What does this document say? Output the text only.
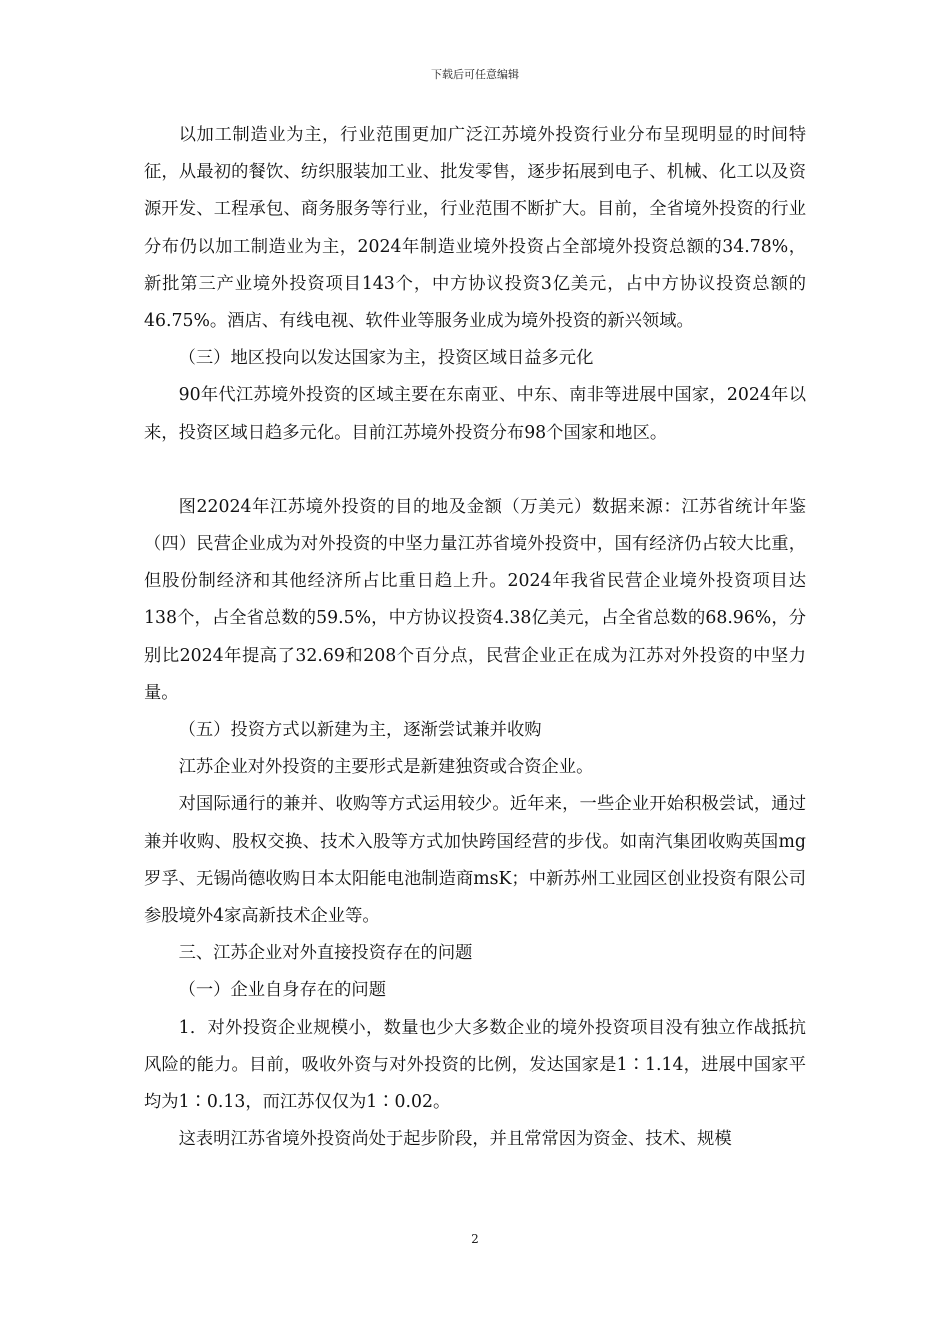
下载后可任意编辑

以加工制造业为主，行业范围更加广泛江苏境外投资行业分布呈现明显的时间特征，从最初的餐饮、纺织服装加工业、批发零售，逐步拓展到电子、机械、化工以及资源开发、工程承包、商务服务等行业，行业范围不断扩大。目前，全省境外投资的行业分布仍以加工制造业为主，2024年制造业境外投资占全部境外投资总额的34.78%，新批第三产业境外投资项目143个，中方协议投资3亿美元，占中方协议投资总额的46.75%。酒店、有线电视、软件业等服务业成为境外投资的新兴领域。

（三）地区投向以发达国家为主，投资区域日益多元化

90年代江苏境外投资的区域主要在东南亚、中东、南非等进展中国家，2024年以来，投资区域日趋多元化。目前江苏境外投资分布98个国家和地区。

图22024年江苏境外投资的目的地及金额（万美元）数据来源：江苏省统计年鉴（四）民营企业成为对外投资的中坚力量江苏省境外投资中，国有经济仍占较大比重，但股份制经济和其他经济所占比重日趋上升。2024年我省民营企业境外投资项目达138个，占全省总数的59.5%，中方协议投资4.38亿美元，占全省总数的68.96%，分别比2024年提高了32.69和208个百分点，民营企业正在成为江苏对外投资的中坚力量。

（五）投资方式以新建为主，逐渐尝试兼并收购

江苏企业对外投资的主要形式是新建独资或合资企业。

对国际通行的兼并、收购等方式运用较少。近年来，一些企业开始积极尝试，通过兼并收购、股权交换、技术入股等方式加快跨国经营的步伐。如南汽集团收购英国mg罗孚、无锡尚德收购日本太阳能电池制造商msK；中新苏州工业园区创业投资有限公司参股境外4家高新技术企业等。

三、江苏企业对外直接投资存在的问题

（一）企业自身存在的问题

1．对外投资企业规模小，数量也少大多数企业的境外投资项目没有独立作战抵抗风险的能力。目前，吸收外资与对外投资的比例，发达国家是1∶1.14，进展中国家平均为1∶0.13，而江苏仅仅为1∶0.02。

这表明江苏省境外投资尚处于起步阶段，并且常常因为资金、技术、规模

2
